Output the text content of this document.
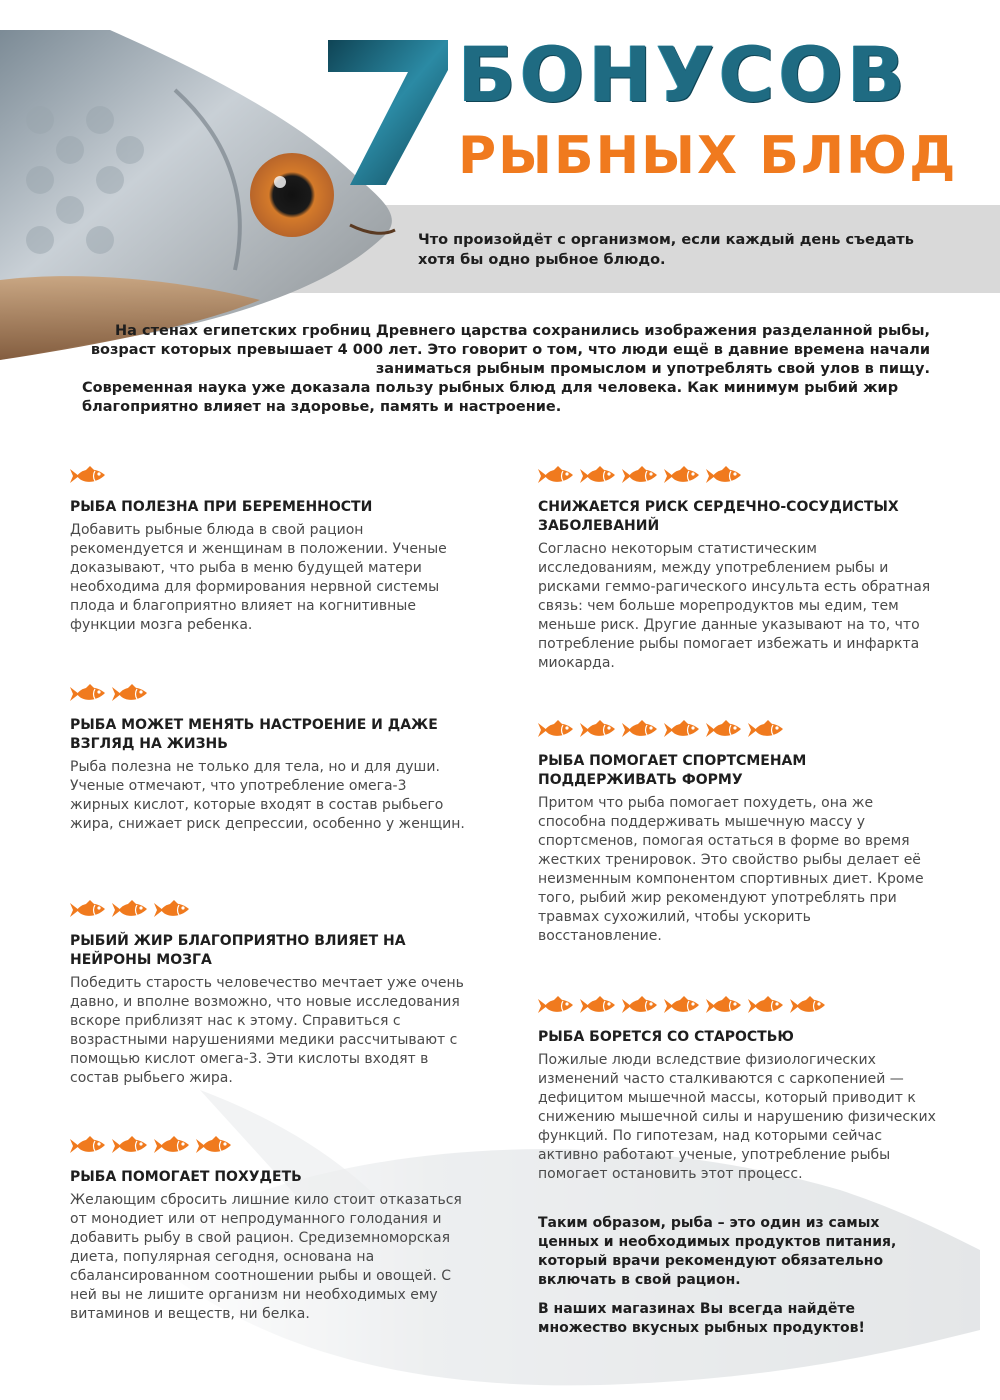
БОНУСОВ
РЫБНЫХ БЛЮД
Что произойдёт с организмом, если каждый день съедать хотя бы одно рыбное блюдо.

На стенах египетских гробниц Древнего царства сохранились изображения разделанной рыбы, возраст которых превышает 4 000 лет. Это говорит о том, что люди ещё в давние времена начали заниматься рыбным промыслом и употреблять свой улов в пищу.

Современная наука уже доказала пользу рыбных блюд для человека. Как минимум рыбий жир благоприятно влияет на здоровье, память и настроение.

РЫБА ПОЛЕЗНА ПРИ БЕРЕМЕННОСТИ
Добавить рыбные блюда в свой рацион рекомендуется и женщинам в положении. Ученые доказывают, что рыба в меню будущей матери необходима для формирования нервной системы плода и благоприятно влияет на когнитивные функции мозга ребенка.
РЫБА МОЖЕТ МЕНЯТЬ НАСТРОЕНИЕ И ДАЖЕ ВЗГЛЯД НА ЖИЗНЬ
Рыба полезна не только для тела, но и для души. Ученые отмечают, что употребление омега-3 жирных кислот, которые входят в состав рыбьего жира, снижает риск депрессии, особенно у женщин.
РЫБИЙ ЖИР БЛАГОПРИЯТНО ВЛИЯЕТ НА НЕЙРОНЫ МОЗГА
Победить старость человечество мечтает уже очень давно, и вполне возможно, что новые исследования вскоре приблизят нас к этому. Справиться с возрастными нарушениями медики рассчитывают с помощью кислот омега-3. Эти кислоты входят в состав рыбьего жира.
РЫБА ПОМОГАЕТ ПОХУДЕТЬ
Желающим сбросить лишние кило стоит отказаться от монодиет или от непродуманного голодания и добавить рыбу в свой рацион. Средиземноморская диета, популярная сегодня, основана на сбалансированном соотношении рыбы и овощей. С ней вы не лишите организм ни необходимых ему витаминов и веществ, ни белка.
СНИЖАЕТСЯ РИСК СЕРДЕЧНО-СОСУДИСТЫХ ЗАБОЛЕВАНИЙ
Согласно некоторым статистическим исследованиям, между употреблением рыбы и рисками геммо-рагического инсульта есть обратная связь: чем больше морепродуктов мы едим, тем меньше риск. Другие данные указывают на то, что потребление рыбы помогает избежать и инфаркта миокарда.
РЫБА ПОМОГАЕТ СПОРТСМЕНАМ ПОДДЕРЖИВАТЬ ФОРМУ
Притом что рыба помогает похудеть, она же способна поддерживать мышечную массу у спортсменов, помогая остаться в форме во время жестких тренировок. Это свойство рыбы делает её неизменным компонентом спортивных диет. Кроме того, рыбий жир рекомендуют употреблять при травмах сухожилий, чтобы ускорить восстановление.
РЫБА БОРЕТСЯ СО СТАРОСТЬЮ
Пожилые люди вследствие физиологических изменений часто сталкиваются с саркопенией — дефицитом мышечной массы, который приводит к снижению мышечной силы и нарушению физических функций. По гипотезам, над которыми сейчас активно работают ученые, употребление рыбы помогает остановить этот процесс.

Таким образом, рыба – это один из самых ценных и необходимых продуктов питания, который врачи рекомендуют обязательно включать в свой рацион.

В наших магазинах Вы всегда найдёте множество вкусных рыбных продуктов!
